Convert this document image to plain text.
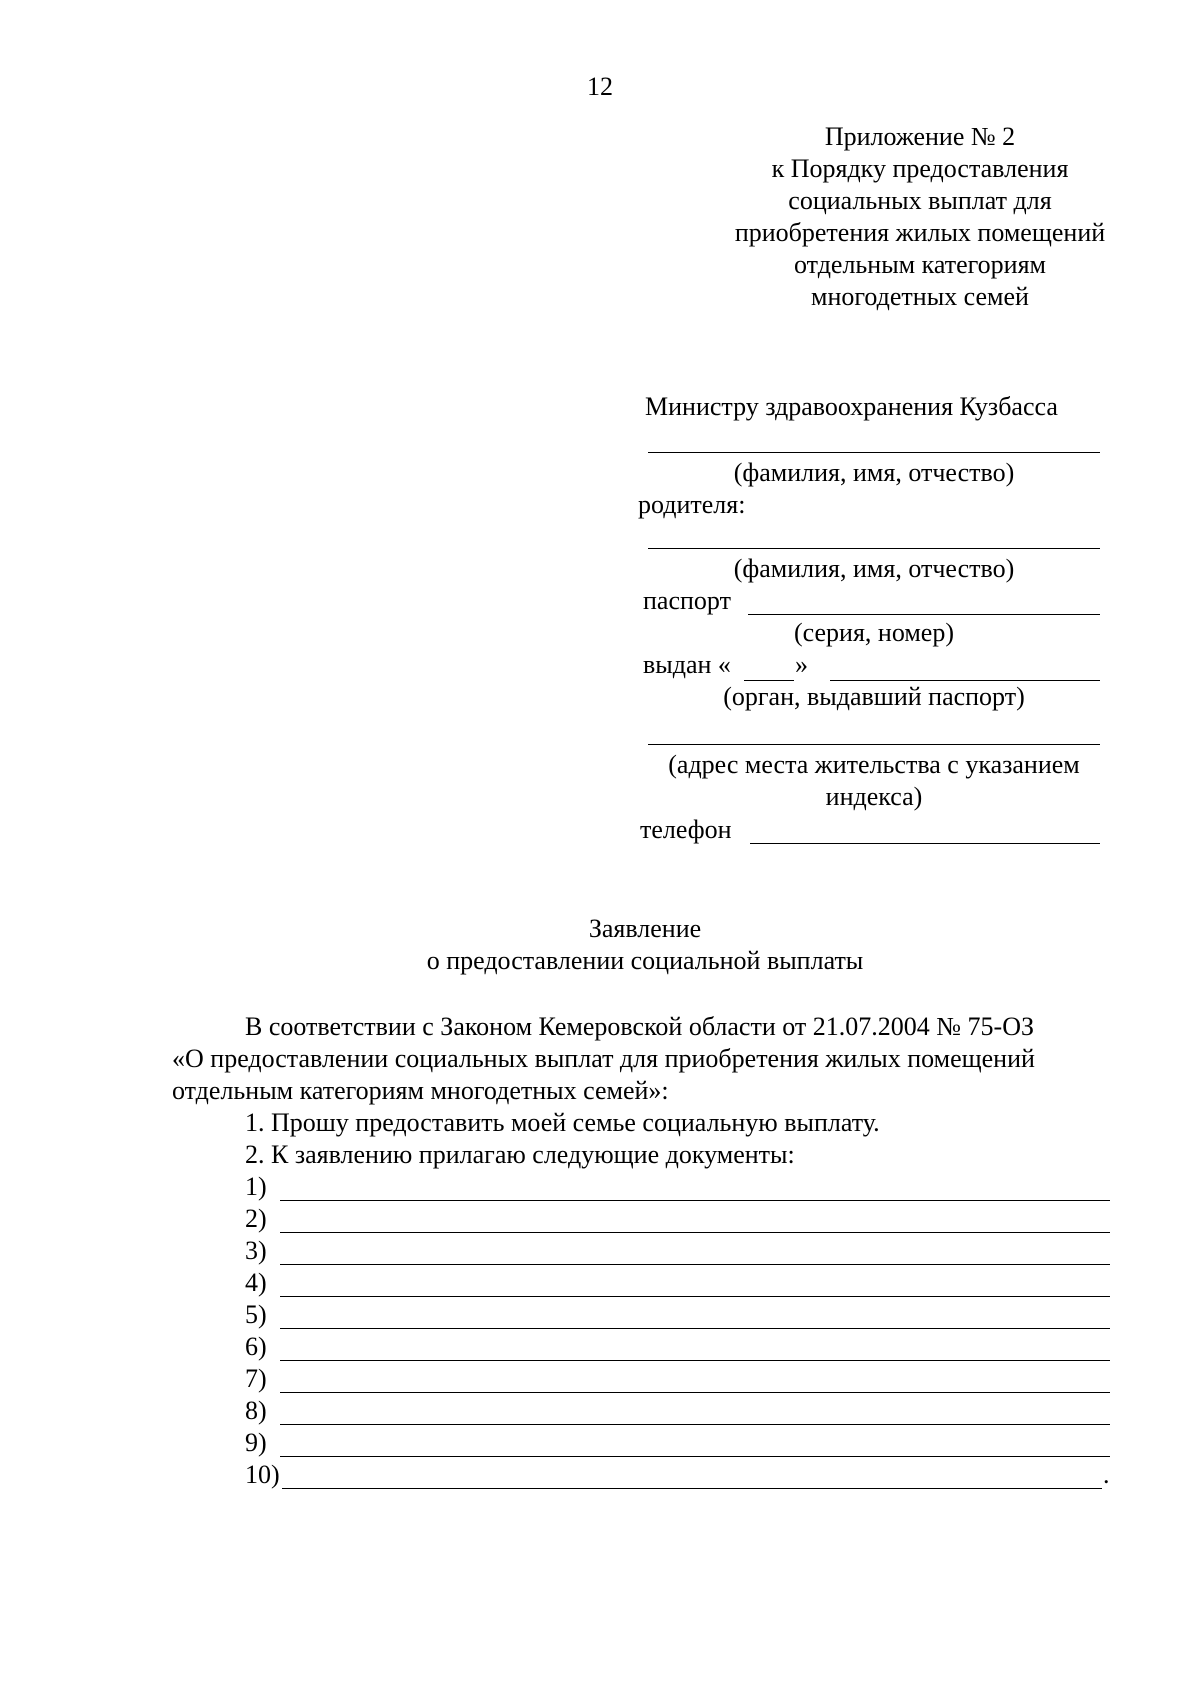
12
Приложение № 2
к Порядку предоставления
социальных выплат для
приобретения жилых помещений
отдельным категориям
многодетных семей
Министру здравоохранения Кузбасса
(фамилия, имя, отчество)
родителя:
(фамилия, имя, отчество)
паспорт
(серия, номер)
выдан « »
(орган, выдавший паспорт)
(адрес места жительства с указанием
индекса)
телефон
Заявление
о предоставлении социальной выплаты
В соответствии с Законом Кемеровской области от 21.07.2004 № 75-ОЗ
«О предоставлении социальных выплат для приобретения жилых помещений
отдельным категориям многодетных семей»:
1. Прошу предоставить моей семье социальную выплату.
2. К заявлению прилагаю следующие документы:
1)
2)
3)
4)
5)
6)
7)
8)
9)
10)	.
